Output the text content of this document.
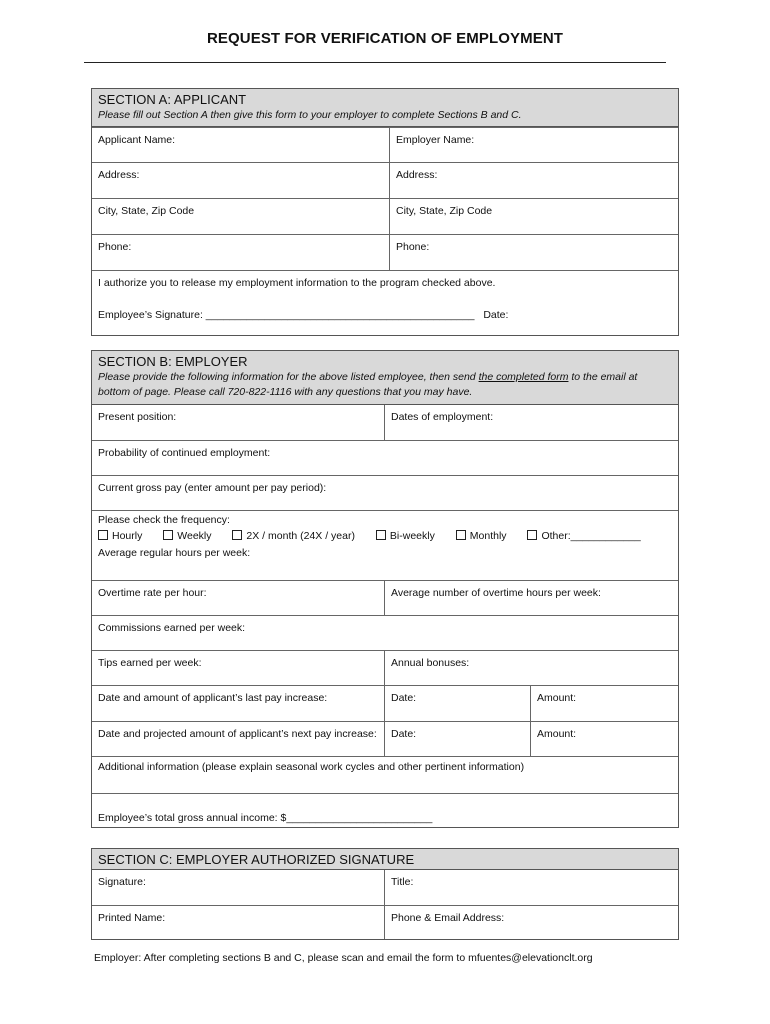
REQUEST FOR VERIFICATION OF EMPLOYMENT
SECTION A: APPLICANT
Please fill out Section A then give this form to your employer to complete Sections B and C.
Applicant Name:	Employer Name:
Address:	Address:
City, State, Zip Code	City, State, Zip Code
Phone:	Phone:
I authorize you to release my employment information to the program checked above.
Employee’s Signature: ______________________________________________ Date:
SECTION B: EMPLOYER
Please provide the following information for the above listed employee, then send the completed form to the email at bottom of page. Please call 720-822-1116 with any questions that you may have.
Present position:	Dates of employment:
Probability of continued employment:
Current gross pay (enter amount per pay period):
Please check the frequency:
Hourly	Weekly	2X / month (24X / year)	Bi-weekly	Monthly	Other:____________
Average regular hours per week:
Overtime rate per hour:	Average number of overtime hours per week:
Commissions earned per week:
Tips earned per week:	Annual bonuses:
Date and amount of applicant’s last pay increase:	Date:	Amount:
Date and projected amount of applicant’s next pay increase:	Date:	Amount:
Additional information (please explain seasonal work cycles and other pertinent information)
Employee’s total gross annual income: $_________________________
SECTION C: EMPLOYER AUTHORIZED SIGNATURE
Signature:	Title:
Printed Name:	Phone & Email Address:
Employer: After completing sections B and C, please scan and email the form to mfuentes@elevationclt.org
